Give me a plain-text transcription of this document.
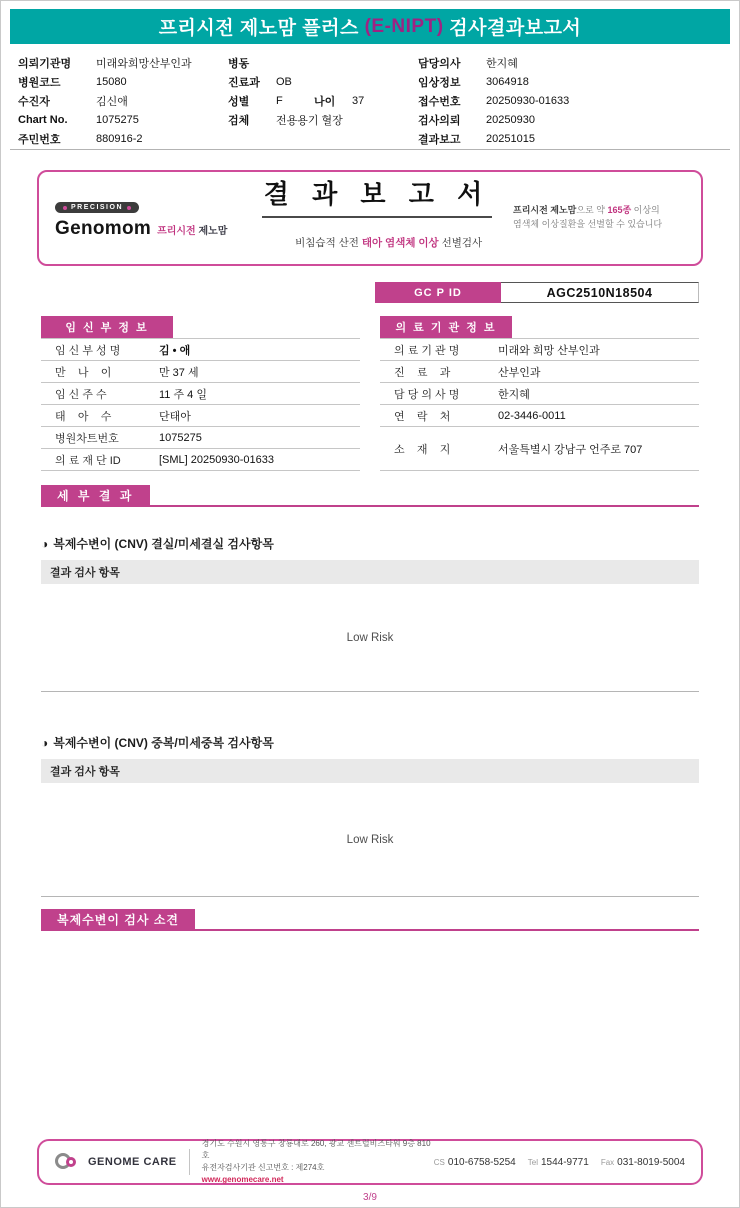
프리시전 제노맘 플러스 (E-NIPT) 검사결과보고서
의뢰기관명	미래와희망산부인과
병원코드	15080
수진자	김신애
Chart No.	1075275
주민번호	880916-2
병동
진료과	OB
성별	F	나이	37
검체	전용용기 혈장
담당의사	한지혜
임상정보	3064918
접수번호	20250930-01633
검사의뢰	20250930
결과보고	20251015
PRECISION
Genomom 프리시전 제노맘
결 과 보 고 서

비침습적 산전 태아 염색체 이상 선별검사

프리시전 제노맘으로 약 165종 이상의

염색체 이상질환을 선별할 수 있습니다

GC P ID	AGC2510N18504
임 신 부 정 보
임 신 부 성 명	김 • 애
만    나    이	만 37 세
임 신 주 수	11 주 4 일
태    아    수	단태아
병원차트번호	1075275
의 료 재 단 ID	[SML] 20250930-01633
의 료 기 관 정 보
의 료 기 관 명	미래와 희망 산부인과
진    료    과	산부인과
담 당 의 사 명	한지혜
연    락    처	02-3446-0011
소    재    지	서울특별시 강남구 언주로 707
세 부 결 과
◑ 복제수변이 (CNV) 결실/미세결실 검사항목
결과 검사 항목
Low Risk
◑ 복제수변이 (CNV) 중복/미세중복 검사항목
결과 검사 항목
Low Risk
복제수변이 검사 소견
GENOME CARE
경기도 수원시 영통구 창룡대로 260, 광교 센트럴비즈타워 9층 810호
유전자검사기관 신고번호 : 제274호
www.genomecare.net
CS 010-6758-5254 Tel 1544-9771 Fax 031-8019-5004
3/9
